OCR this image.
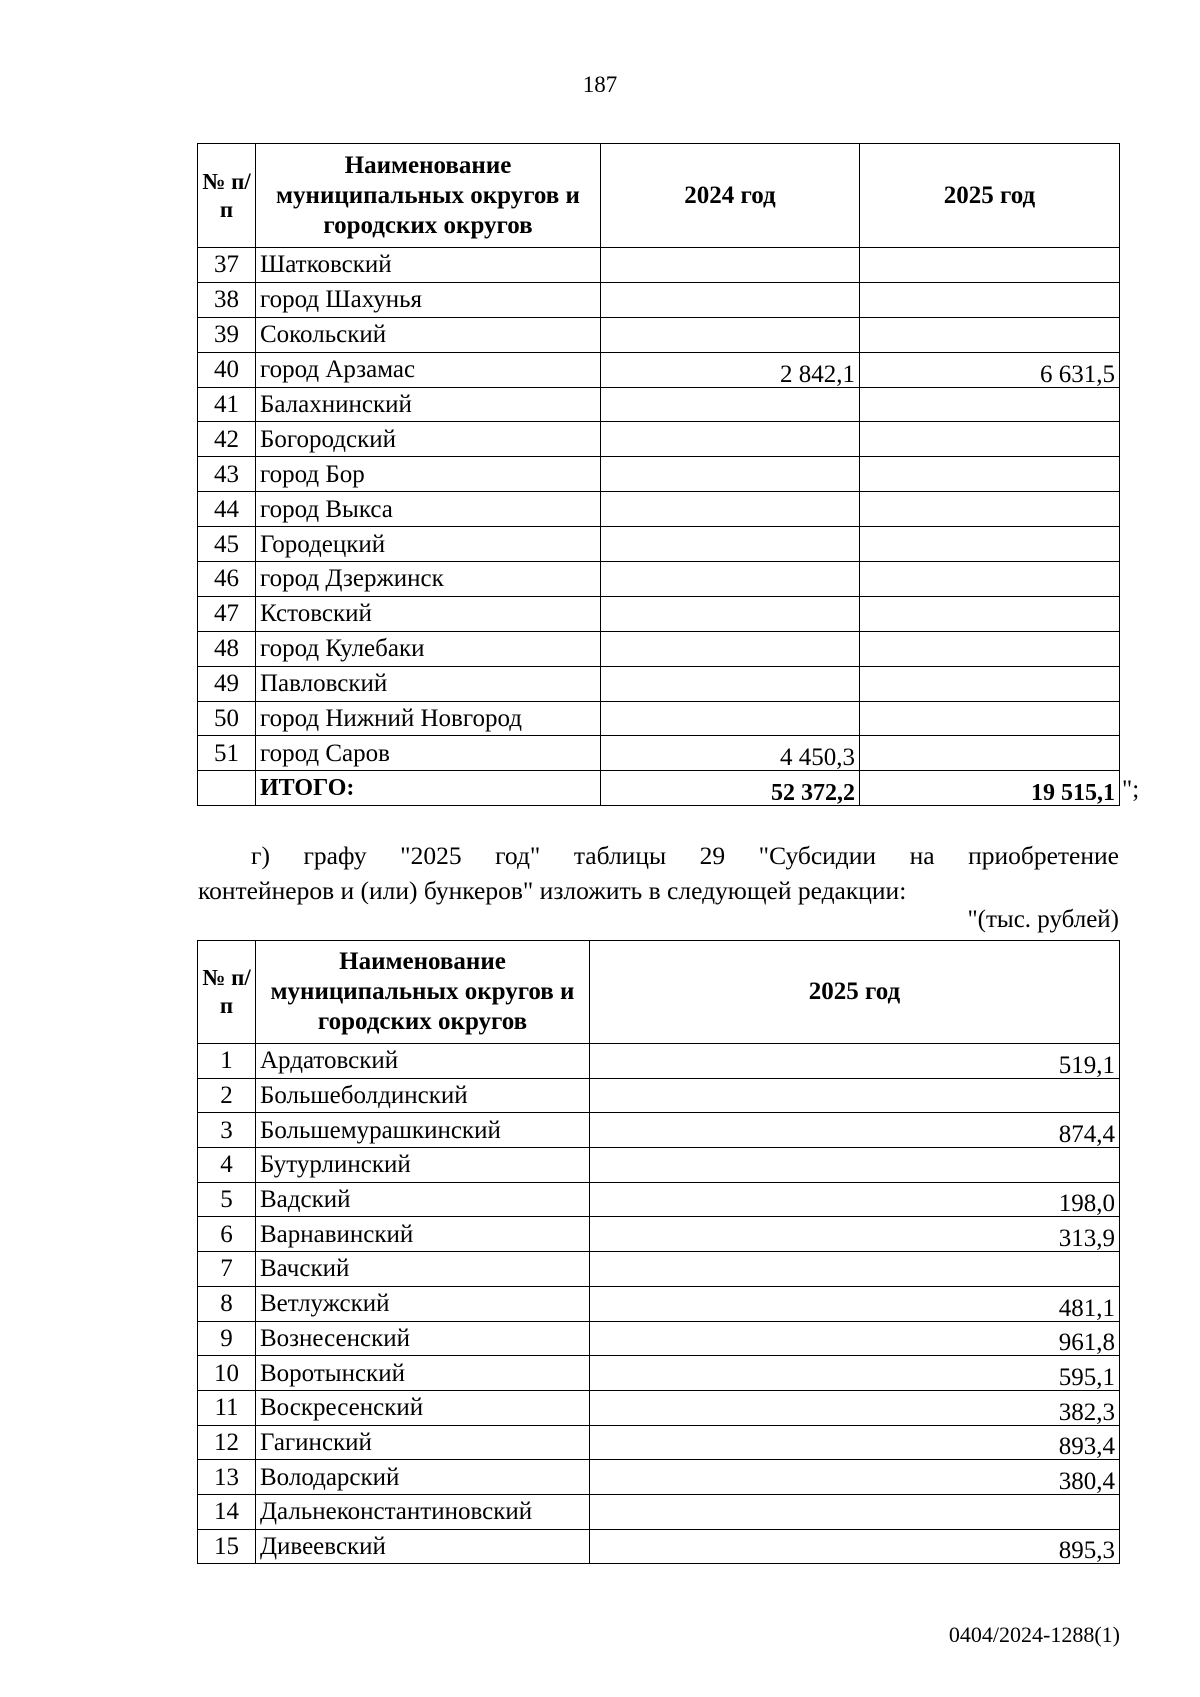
187
№ п/п	Наименование муниципальных округов и городских округов	2024 год	2025 год
37	Шатковский		
38	город Шахунья		
39	Сокольский		
40	город Арзамас	2 842,1	6 631,5
41	Балахнинский		
42	Богородский		
43	город Бор		
44	город Выкса		
45	Городецкий		
46	город Дзержинск		
47	Кстовский		
48	город Кулебаки		
49	Павловский		
50	город Нижний Новгород		
51	город Саров	4 450,3	
	ИТОГО:	52 372,2	19 515,1 ";
г) графу "2025 год" таблицы 29 "Субсидии на приобретение
контейнеров и (или) бункеров" изложить в следующей редакции:
"(тыс. рублей)
№ п/п	Наименование муниципальных округов и городских округов	2025 год
1	Ардатовский	519,1
2	Большеболдинский	
3	Большемурашкинский	874,4
4	Бутурлинский	
5	Вадский	198,0
6	Варнавинский	313,9
7	Вачский	
8	Ветлужский	481,1
9	Вознесенский	961,8
10	Воротынский	595,1
11	Воскресенский	382,3
12	Гагинский	893,4
13	Володарский	380,4
14	Дальнеконстантиновский	
15	Дивеевский	895,3
0404/2024-1288(1)
